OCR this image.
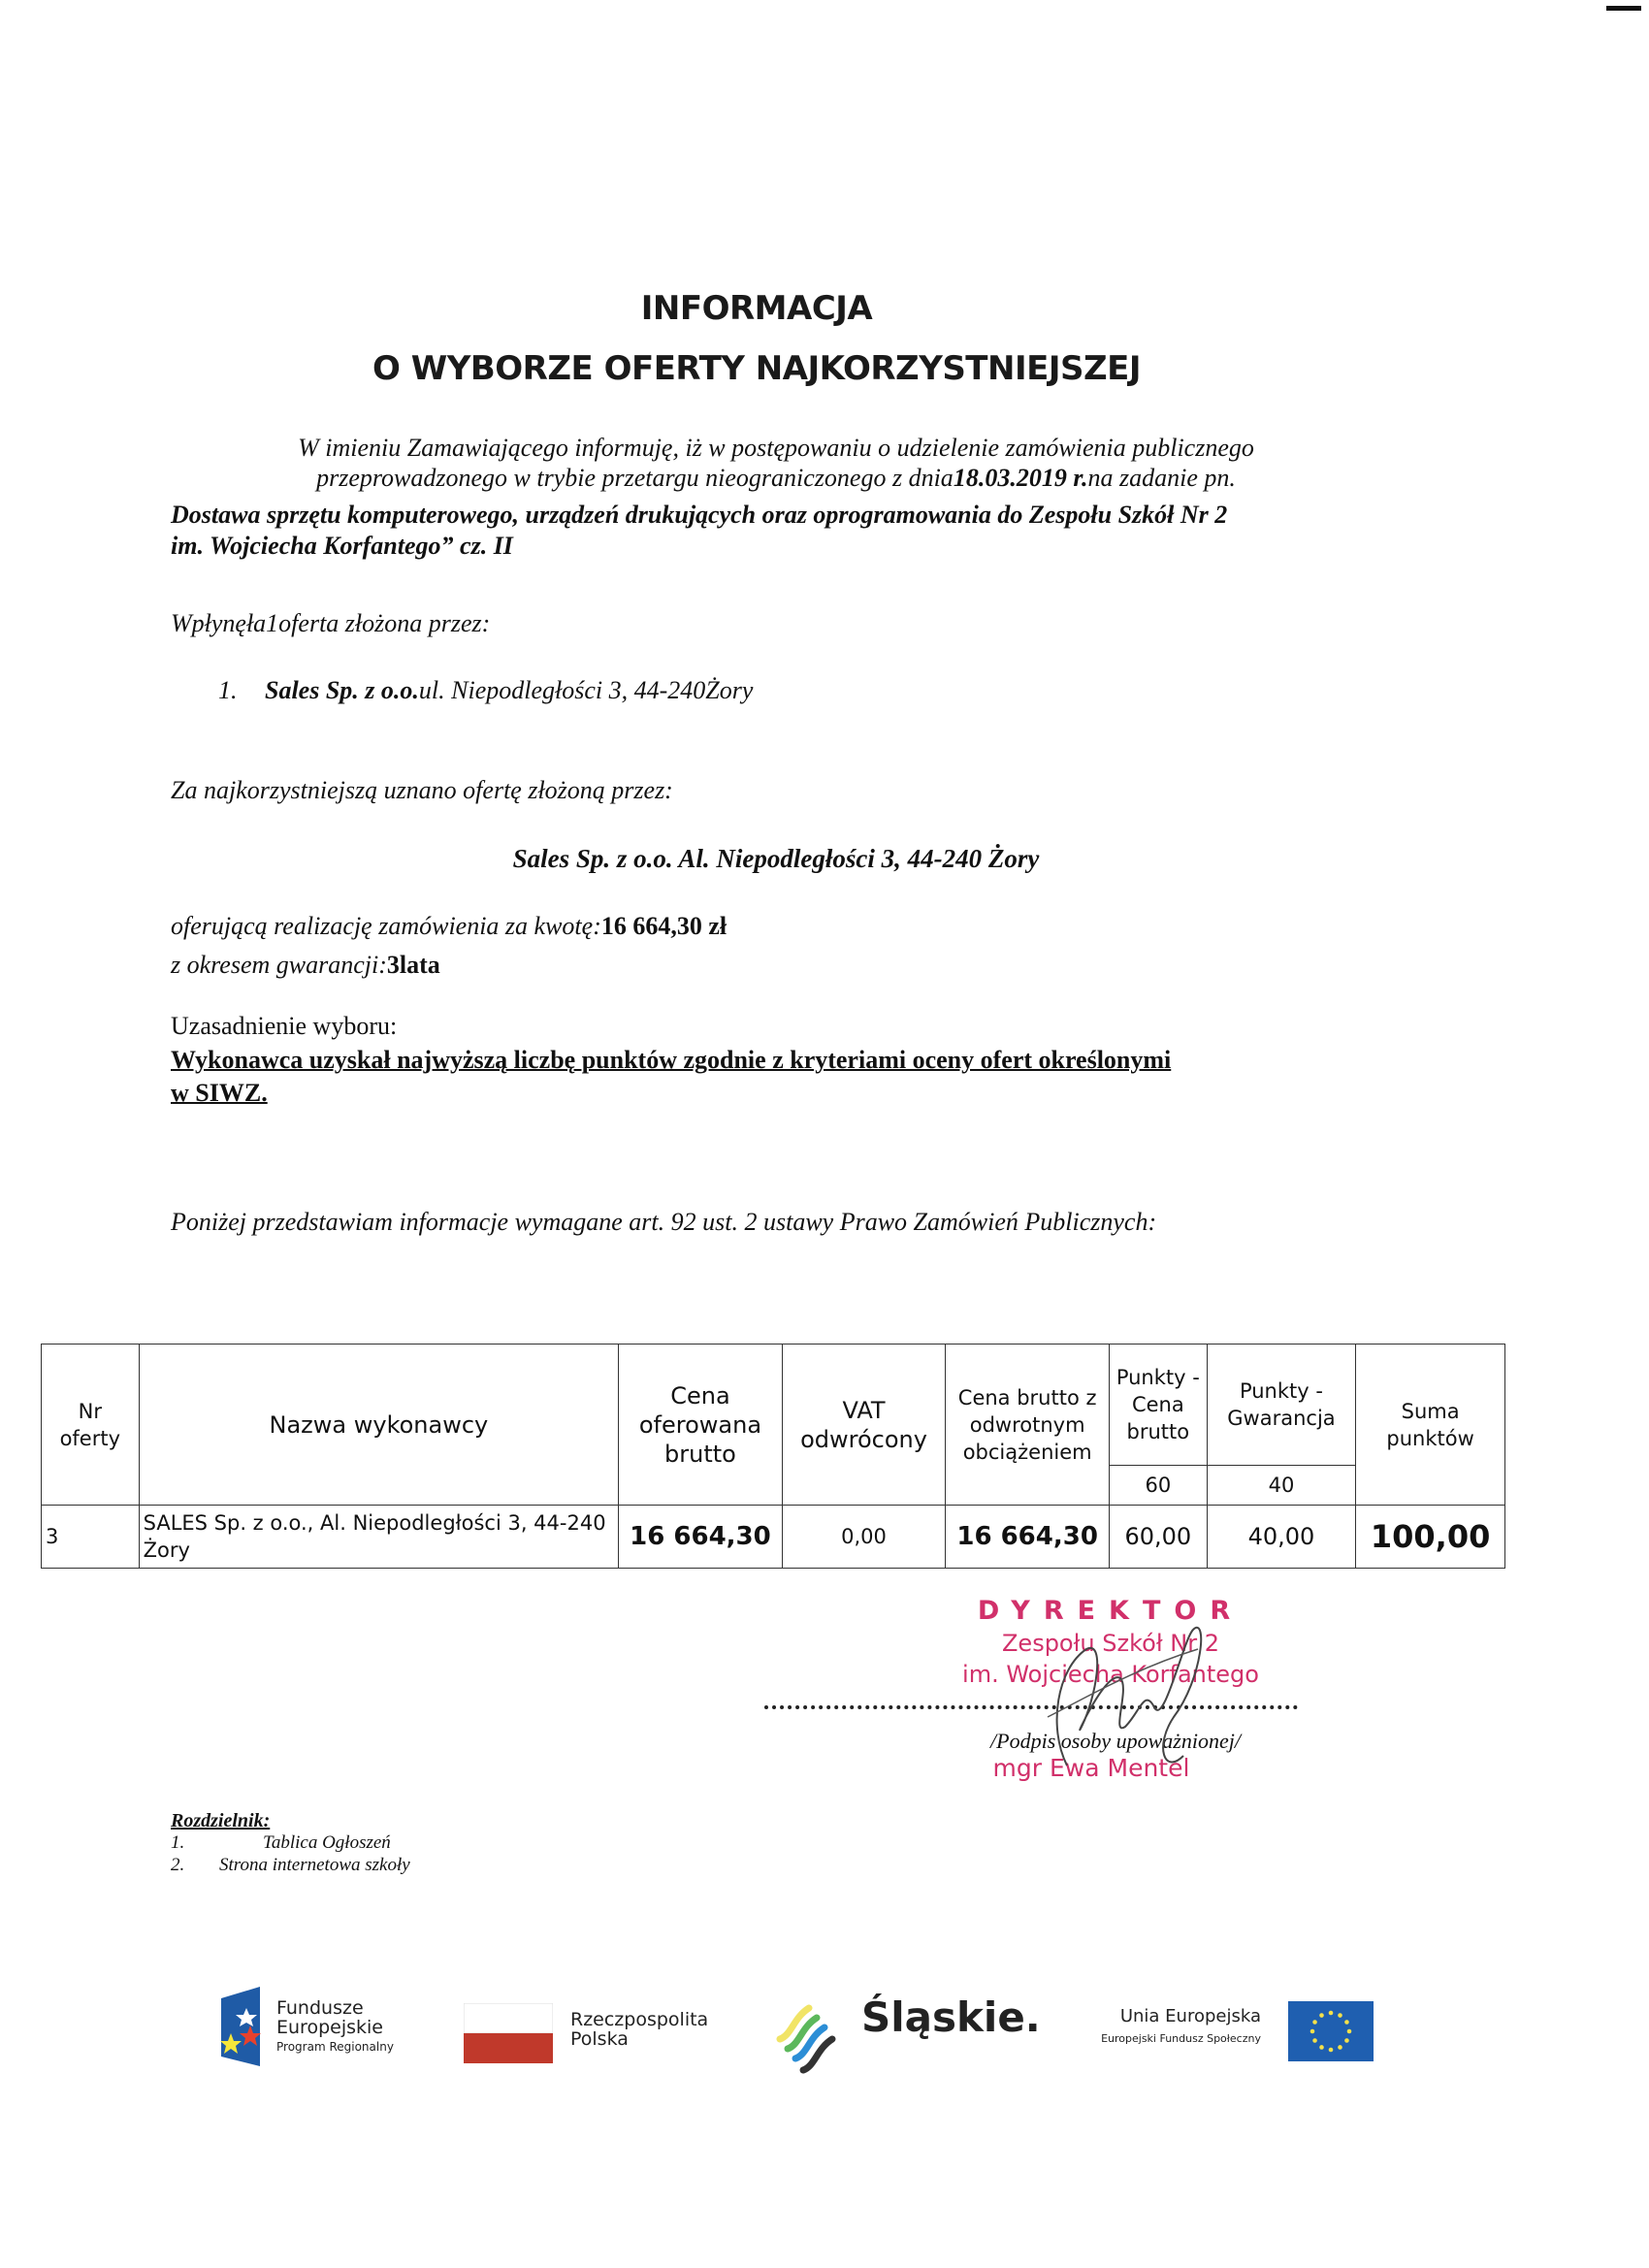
INFORMACJA
O WYBORZE OFERTY NAJKORZYSTNIEJSZEJ
W imieniu Zamawiającego informuję, iż w postępowaniu o udzielenie zamówienia publicznego
przeprowadzonego w trybie przetargu nieograniczonego z dnia18.03.2019 r.na zadanie pn.
Dostawa sprzętu komputerowego, urządzeń drukujących oraz oprogramowania do Zespołu Szkół Nr 2
im. Wojciecha Korfantego” cz. II
Wpłynęła1oferta złożona przez:
1. Sales Sp. z o.o.ul. Niepodległości 3, 44-240Żory
Za najkorzystniejszą uznano ofertę złożoną przez:
Sales Sp. z o.o. Al. Niepodległości 3, 44-240 Żory
oferującą realizację zamówienia za kwotę:16 664,30 zł
z okresem gwarancji:3lata
Uzasadnienie wyboru:
Wykonawca uzyskał najwyższą liczbę punktów zgodnie z kryteriami oceny ofert określonymi
w SIWZ.
Poniżej przedstawiam informacje wymagane art. 92 ust. 2 ustawy Prawo Zamówień Publicznych:
Nr oferty	Nazwa wykonawcy	Cena oferowana brutto	VAT odwrócony	Cena brutto z odwrotnym obciążeniem	Punkty - Cena brutto	Punkty - Gwarancja	Suma punktów
					60	40	
3	SALES Sp. z o.o., Al. Niepodległości 3, 44-240 Żory	16 664,30	0,00	16 664,30	60,00	40,00	100,00
DYREKTOR
Zespołu Szkół Nr 2
im. Wojciecha Korfantego
/Podpis osoby upoważnionej/
mgr Ewa Mentel
Rozdzielnik:
1.	Tablica Ogłoszeń
2. Strona internetowa szkoły
Fundusze
Europejskie
Program Regionalny
Rzeczpospolita
Polska	Śląskie.	Unia Europejska
Europejski Fundusz Społeczny
